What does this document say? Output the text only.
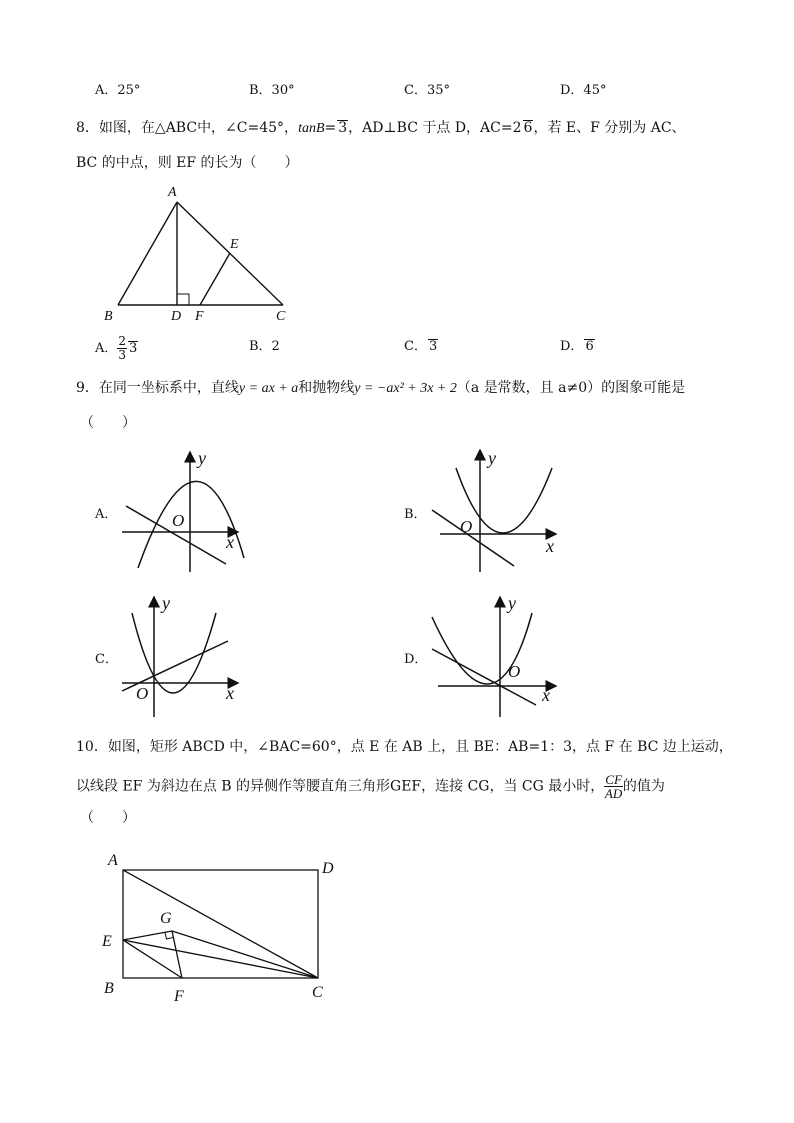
A．25°	B．30°	C．35°	D．45°
8．如图，在△ABC中，∠C=45°，tanB= 3，AD⊥BC 于点 D，AC=2 6，若 E、F 分别为 AC、
BC 的中点，则 EF 的长为（　　）
A
B	C
D
E
F
A． $\frac{2}{3} 3$	B．2	C． 3	D． 6
9．在同一坐标系中，直线y = ax + a和抛物线y = −ax² + 3x + 2（a 是常数，且 a≠0）的图象可能是
（　　）
A．	B．
C．	D．
y
x
O
y
x
O
y
x
O
y
x
O
10．如图，矩形 ABCD 中，∠BAC=60°，点 E 在 AB 上，且 BE：AB=1：3，点 F 在 BC 边上运动，
以线段 EF 为斜边在点 B 的异侧作等腰直角三角形GEF，连接 CG，当 CG 最小时， $\frac{CF}{AD}$ 的值为
（　　）
A	D
E
G
B	F	C
